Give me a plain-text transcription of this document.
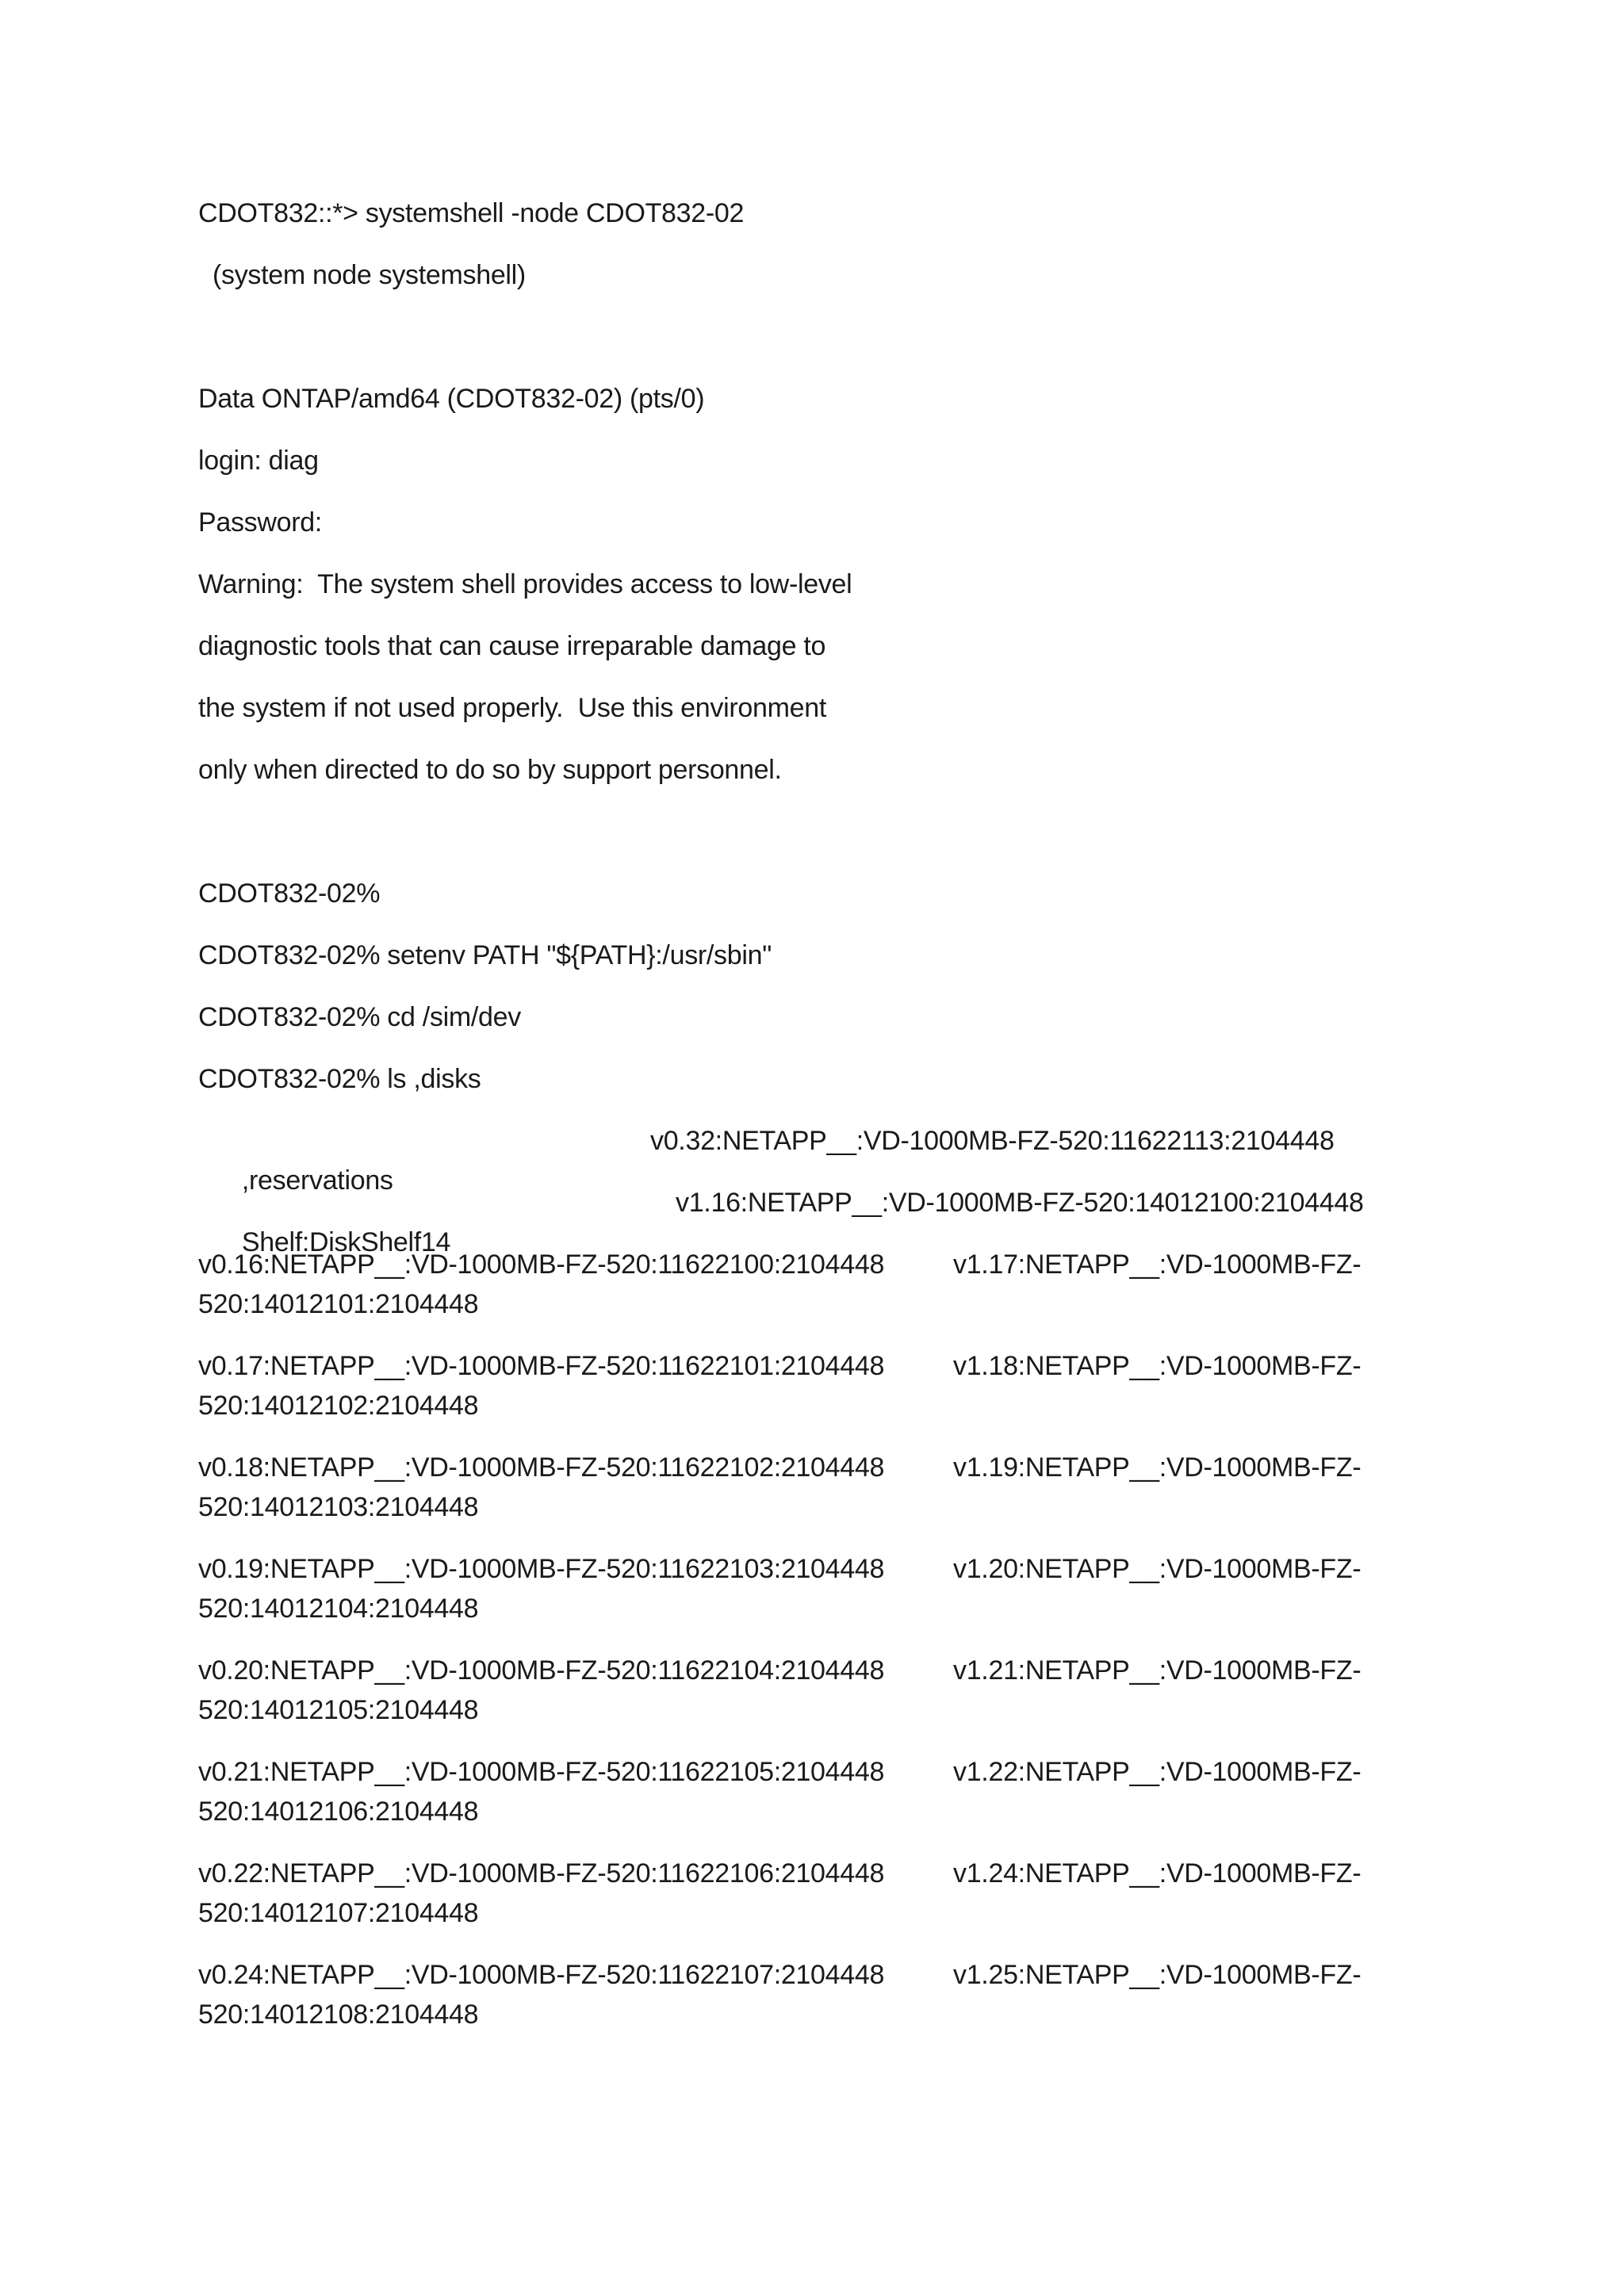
CDOT832::*> systemshell -node CDOT832-02
(system node systemshell)
Data ONTAP/amd64 (CDOT832-02) (pts/0)
login: diag
Password:
Warning:  The system shell provides access to low-level
diagnostic tools that can cause irreparable damage to
the system if not used properly.  Use this environment
only when directed to do so by support personnel.
CDOT832-02%
CDOT832-02% setenv PATH "${PATH}:/usr/sbin"
CDOT832-02% cd /sim/dev
CDOT832-02% ls ,disks

,reservations

v0.32:NETAPP__:VD-1000MB-FZ-520:11622113:2104448

Shelf:DiskShelf14

v1.16:NETAPP__:VD-1000MB-FZ-520:14012100:2104448

v0.16:NETAPP__:VD-1000MB-FZ-520:11622100:2104448	v1.17:NETAPP__:VD-1000MB-FZ-
520:14012101:2104448
v0.17:NETAPP__:VD-1000MB-FZ-520:11622101:2104448	v1.18:NETAPP__:VD-1000MB-FZ-
520:14012102:2104448
v0.18:NETAPP__:VD-1000MB-FZ-520:11622102:2104448	v1.19:NETAPP__:VD-1000MB-FZ-
520:14012103:2104448
v0.19:NETAPP__:VD-1000MB-FZ-520:11622103:2104448	v1.20:NETAPP__:VD-1000MB-FZ-
520:14012104:2104448
v0.20:NETAPP__:VD-1000MB-FZ-520:11622104:2104448	v1.21:NETAPP__:VD-1000MB-FZ-
520:14012105:2104448
v0.21:NETAPP__:VD-1000MB-FZ-520:11622105:2104448	v1.22:NETAPP__:VD-1000MB-FZ-
520:14012106:2104448
v0.22:NETAPP__:VD-1000MB-FZ-520:11622106:2104448	v1.24:NETAPP__:VD-1000MB-FZ-
520:14012107:2104448
v0.24:NETAPP__:VD-1000MB-FZ-520:11622107:2104448	v1.25:NETAPP__:VD-1000MB-FZ-
520:14012108:2104448
